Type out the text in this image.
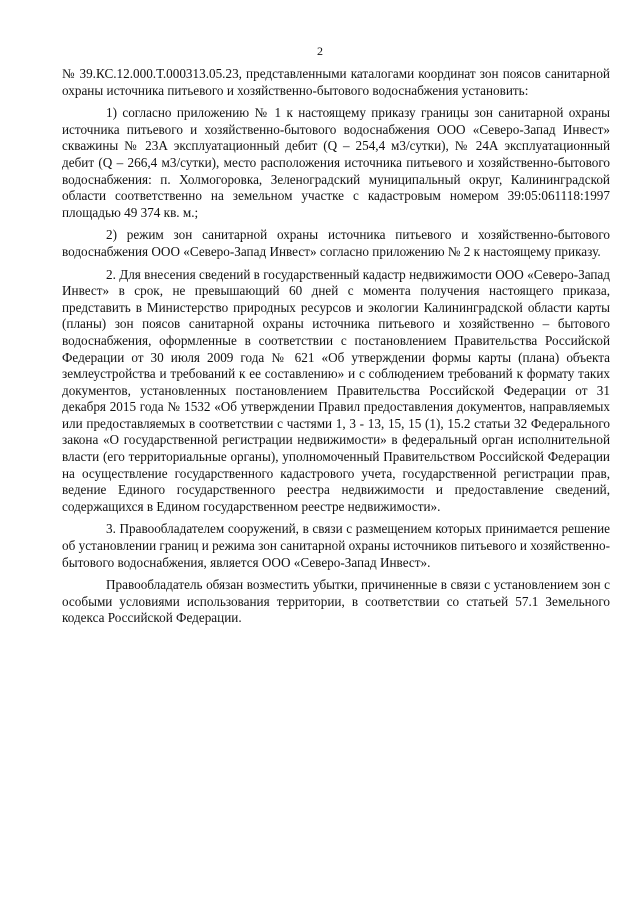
2

№ 39.КС.12.000.Т.000313.05.23, представленными каталогами координат зон поясов санитарной охраны источника питьевого и хозяйственно-бытового водоснабжения установить:

1) согласно приложению № 1 к настоящему приказу границы зон санитарной охраны источника питьевого и хозяйственно-бытового водоснабжения ООО «Северо-Запад Инвест» скважины № 23А эксплуатационный дебит (Q – 254,4 м3/сутки), № 24А эксплуатационный дебит (Q – 266,4 м3/сутки), место расположения источника питьевого и хозяйственно-бытового водоснабжения: п. Холмогоровка, Зеленоградский муниципальный округ, Калининградской области соответственно на земельном участке с кадастровым номером 39:05:061118:1997 площадью 49 374 кв. м.;

2) режим зон санитарной охраны источника питьевого и хозяйственно-бытового водоснабжения ООО «Северо-Запад Инвест» согласно приложению № 2 к настоящему приказу.

2. Для внесения сведений в государственный кадастр недвижимости ООО «Северо-Запад Инвест» в срок, не превышающий 60 дней с момента получения настоящего приказа, представить в Министерство природных ресурсов и экологии Калининградской области карты (планы) зон поясов санитарной охраны источника питьевого и хозяйственно – бытового водоснабжения, оформленные в соответствии с постановлением Правительства Российской Федерации от 30 июля 2009 года № 621 «Об утверждении формы карты (плана) объекта землеустройства и требований к ее составлению» и с соблюдением требований к формату таких документов, установленных постановлением Правительства Российской Федерации от 31 декабря 2015 года № 1532 «Об утверждении Правил предоставления документов, направляемых или предоставляемых в соответствии с частями 1, 3 - 13, 15, 15 (1), 15.2 статьи 32 Федерального закона «О государственной регистрации недвижимости» в федеральный орган исполнительной власти (его территориальные органы), уполномоченный Правительством Российской Федерации на осуществление государственного кадастрового учета, государственной регистрации прав, ведение Единого государственного реестра недвижимости и предоставление сведений, содержащихся в Едином государственном реестре недвижимости».

3. Правообладателем сооружений, в связи с размещением которых принимается решение об установлении границ и режима зон санитарной охраны источников питьевого и хозяйственно-бытового водоснабжения, является ООО «Северо-Запад Инвест».

Правообладатель обязан возместить убытки, причиненные в связи с установлением зон с особыми условиями использования территории, в соответствии со статьей 57.1 Земельного кодекса Российской Федерации.
